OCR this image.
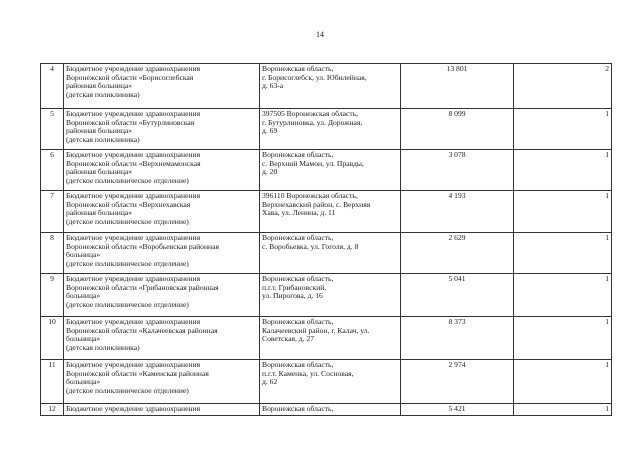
14
4	Бюджетное учреждение здравоохранения
Воронежской области «Борисоглебская
районная больница»
(детская поликлиника)	Воронежская область,
г. Борисоглебск, ул. Юбилейная,
д. 63-а	13 801	2
5	Бюджетное учреждение здравоохранения
Воронежской области «Бутурлиновская
районная больница»
(детская поликлиника)	397505 Воронежская область,
г. Бутурлиновка, ул. Дорожная,
д. 69	8 099	1
6	Бюджетное учреждение здравоохранения
Воронежской области «Верхнемамонская
районная больница»
(детское поликлиническое отделение)	Воронежская область,
с. Верхний Мамон, ул. Правды,
д. 20	3 078	1
7	Бюджетное учреждение здравоохранения
Воронежской области «Верхнехавская
районная больница»
(детское поликлиническое отделение)	396110 Воронежская область,
Верхнехавский район, с. Верхняя
Хава, ул. Ленина, д. 11	4 193	1
8	Бюджетное учреждение здравоохранения
Воронежской области «Воробьевская районная
больница»
(детское поликлиническое отделение)	Воронежская область,
с. Воробьевка, ул. Гоголя, д. 8	2 629	1
9	Бюджетное учреждение здравоохранения
Воронежской области «Грибановская районная
больница»
(детское поликлиническое отделение)	Воронежская область,
п.г.т. Грибановский,
ул. Пирогова, д. 16	5 041	1
10	Бюджетное учреждение здравоохранения
Воронежской области «Калачеевская районная
больница»
(детская поликлиника)	Воронежская область,
Калачеевский район, г. Калач, ул.
Советская, д. 27	8 373	1
11	Бюджетное учреждение здравоохранения
Воронежской области «Каменская районная
больница»
(детское поликлиническое отделение)	Воронежская область,
п.г.т. Каменка, ул. Сосновая,
д. 62	2 974	1
12	Бюджетное учреждение здравоохранения	Воронежская область,	5 421	1
